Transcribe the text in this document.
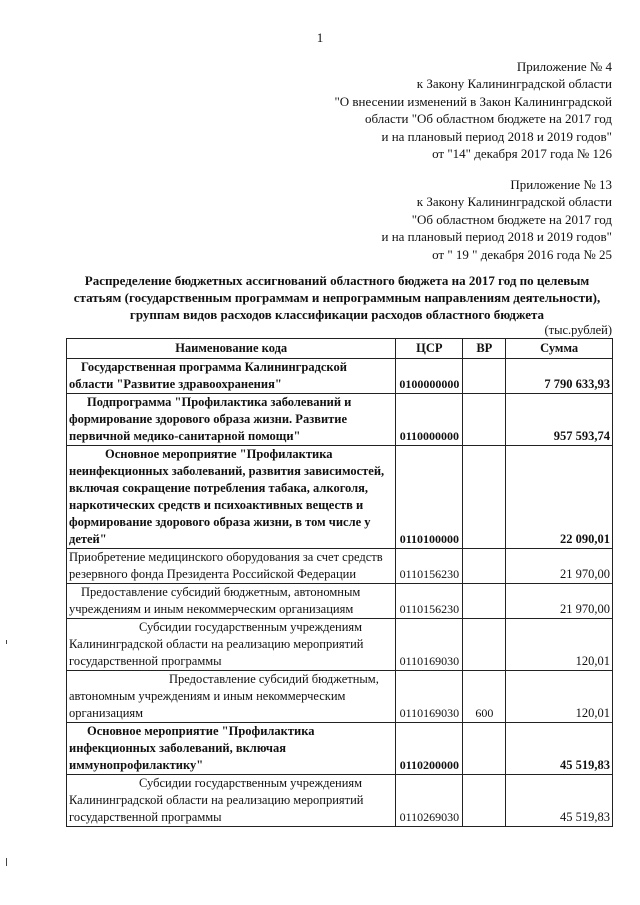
1
Приложение № 4
к Закону Калининградской области
"О внесении изменений в Закон Калининградской
области "Об областном бюджете на 2017 год
и на плановый период 2018 и 2019 годов"
от "14" декабря 2017 года № 126
Приложение № 13
к Закону Калининградской области
"Об областном бюджете на 2017 год
и на плановый период 2018 и 2019 годов"
от " 19 " декабря 2016 года № 25
Распределение бюджетных ассигнований областного бюджета на 2017 год по целевым статьям (государственным программам и непрограммным направлениям деятельности), группам видов расходов классификации расходов областного бюджета
(тыс.рублей)
Наименование кода	ЦСР	ВР	Сумма

Государственная программа Калининградской области "Развитие здравоохранения"	0100000000		7 790 633,93

Подпрограмма "Профилактика заболеваний и формирование здорового образа жизни. Развитие первичной медико-санитарной помощи"	0110000000		957 593,74

Основное мероприятие "Профилактика неинфекционных заболеваний, развития зависимостей, включая сокращение потребления табака, алкоголя, наркотических средств и психоактивных веществ и формирование здорового образа жизни, в том числе у детей"	0110100000		22 090,01
Приобретение медицинского оборудования за счет средств резервного фонда Президента Российской Федерации	0110156230		21 970,00

Предоставление субсидий бюджетным, автономным учреждениям и иным некоммерческим организациям	0110156230		21 970,00

Субсидии государственным учреждениям Калининградской области на реализацию мероприятий государственной программы	0110169030		120,01

Предоставление субсидий бюджетным, автономным учреждениям и иным некоммерческим организациям	0110169030	600	120,01

Основное мероприятие "Профилактика инфекционных заболеваний, включая иммунопрофилактику"	0110200000		45 519,83

Субсидии государственным учреждениям Калининградской области на реализацию мероприятий государственной программы	0110269030		45 519,83
